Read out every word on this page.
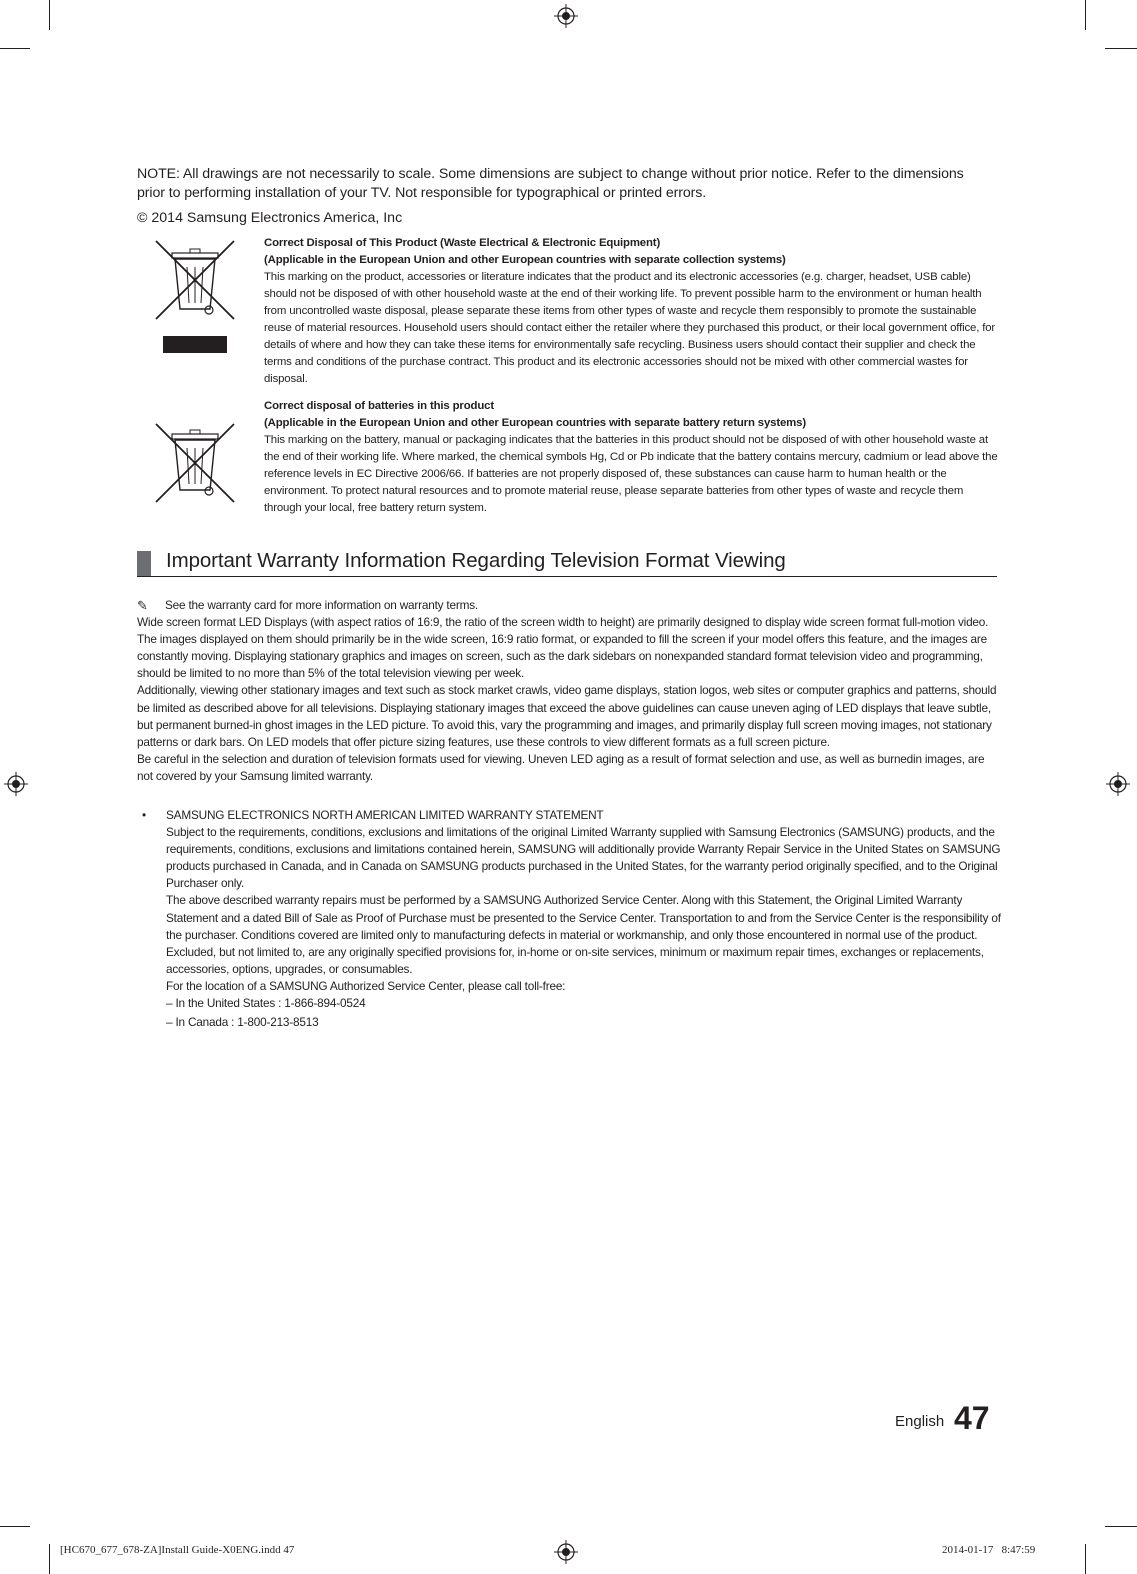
NOTE: All drawings are not necessarily to scale. Some dimensions are subject to change without prior notice. Refer to the dimensions prior to performing installation of your TV. Not responsible for typographical or printed errors.
© 2014 Samsung Electronics America, Inc
Correct Disposal of This Product (Waste Electrical & Electronic Equipment)
(Applicable in the European Union and other European countries with separate collection systems)
This marking on the product, accessories or literature indicates that the product and its electronic accessories (e.g. charger, headset, USB cable) should not be disposed of with other household waste at the end of their working life. To prevent possible harm to the environment or human health from uncontrolled waste disposal, please separate these items from other types of waste and recycle them responsibly to promote the sustainable reuse of material resources. Household users should contact either the retailer where they purchased this product, or their local government office, for details of where and how they can take these items for environmentally safe recycling. Business users should contact their supplier and check the terms and conditions of the purchase contract. This product and its electronic accessories should not be mixed with other commercial wastes for disposal.
Correct disposal of batteries in this product
(Applicable in the European Union and other European countries with separate battery return systems)
This marking on the battery, manual or packaging indicates that the batteries in this product should not be disposed of with other household waste at the end of their working life. Where marked, the chemical symbols Hg, Cd or Pb indicate that the battery contains mercury, cadmium or lead above the reference levels in EC Directive 2006/66. If batteries are not properly disposed of, these substances can cause harm to human health or the environment. To protect natural resources and to promote material reuse, please separate batteries from other types of waste and recycle them through your local, free battery return system.
Important Warranty Information Regarding Television Format Viewing

✎ See the warranty card for more information on warranty terms.

Wide screen format LED Displays (with aspect ratios of 16:9, the ratio of the screen width to height) are primarily designed to display wide screen format full-motion video. The images displayed on them should primarily be in the wide screen, 16:9 ratio format, or expanded to fill the screen if your model offers this feature, and the images are constantly moving. Displaying stationary graphics and images on screen, such as the dark sidebars on nonexpanded standard format television video and programming, should be limited to no more than 5% of the total television viewing per week.

Additionally, viewing other stationary images and text such as stock market crawls, video game displays, station logos, web sites or computer graphics and patterns, should be limited as described above for all televisions. Displaying stationary images that exceed the above guidelines can cause uneven aging of LED displays that leave subtle, but permanent burned-in ghost images in the LED picture. To avoid this, vary the programming and images, and primarily display full screen moving images, not stationary patterns or dark bars. On LED models that offer picture sizing features, use these controls to view different formats as a full screen picture.

Be careful in the selection and duration of television formats used for viewing. Uneven LED aging as a result of format selection and use, as well as burnedin images, are not covered by your Samsung limited warranty.

•	SAMSUNG ELECTRONICS NORTH AMERICAN LIMITED WARRANTY STATEMENT

Subject to the requirements, conditions, exclusions and limitations of the original Limited Warranty supplied with Samsung Electronics (SAMSUNG) products, and the requirements, conditions, exclusions and limitations contained herein, SAMSUNG will additionally provide Warranty Repair Service in the United States on SAMSUNG products purchased in Canada, and in Canada on SAMSUNG products purchased in the United States, for the warranty period originally specified, and to the Original Purchaser only.

The above described warranty repairs must be performed by a SAMSUNG Authorized Service Center. Along with this Statement, the Original Limited Warranty Statement and a dated Bill of Sale as Proof of Purchase must be presented to the Service Center. Transportation to and from the Service Center is the responsibility of the purchaser. Conditions covered are limited only to manufacturing defects in material or workmanship, and only those encountered in normal use of the product.

Excluded, but not limited to, are any originally specified provisions for, in-home or on-site services, minimum or maximum repair times, exchanges or replacements, accessories, options, upgrades, or consumables.

For the location of a SAMSUNG Authorized Service Center, please call toll-free:

– In the United States : 1-866-894-0524

– In Canada : 1-800-213-8513

English 47
[HC670_677_678-ZA]Install Guide-X0ENG.indd 47	2014-01-17   8:47:59
